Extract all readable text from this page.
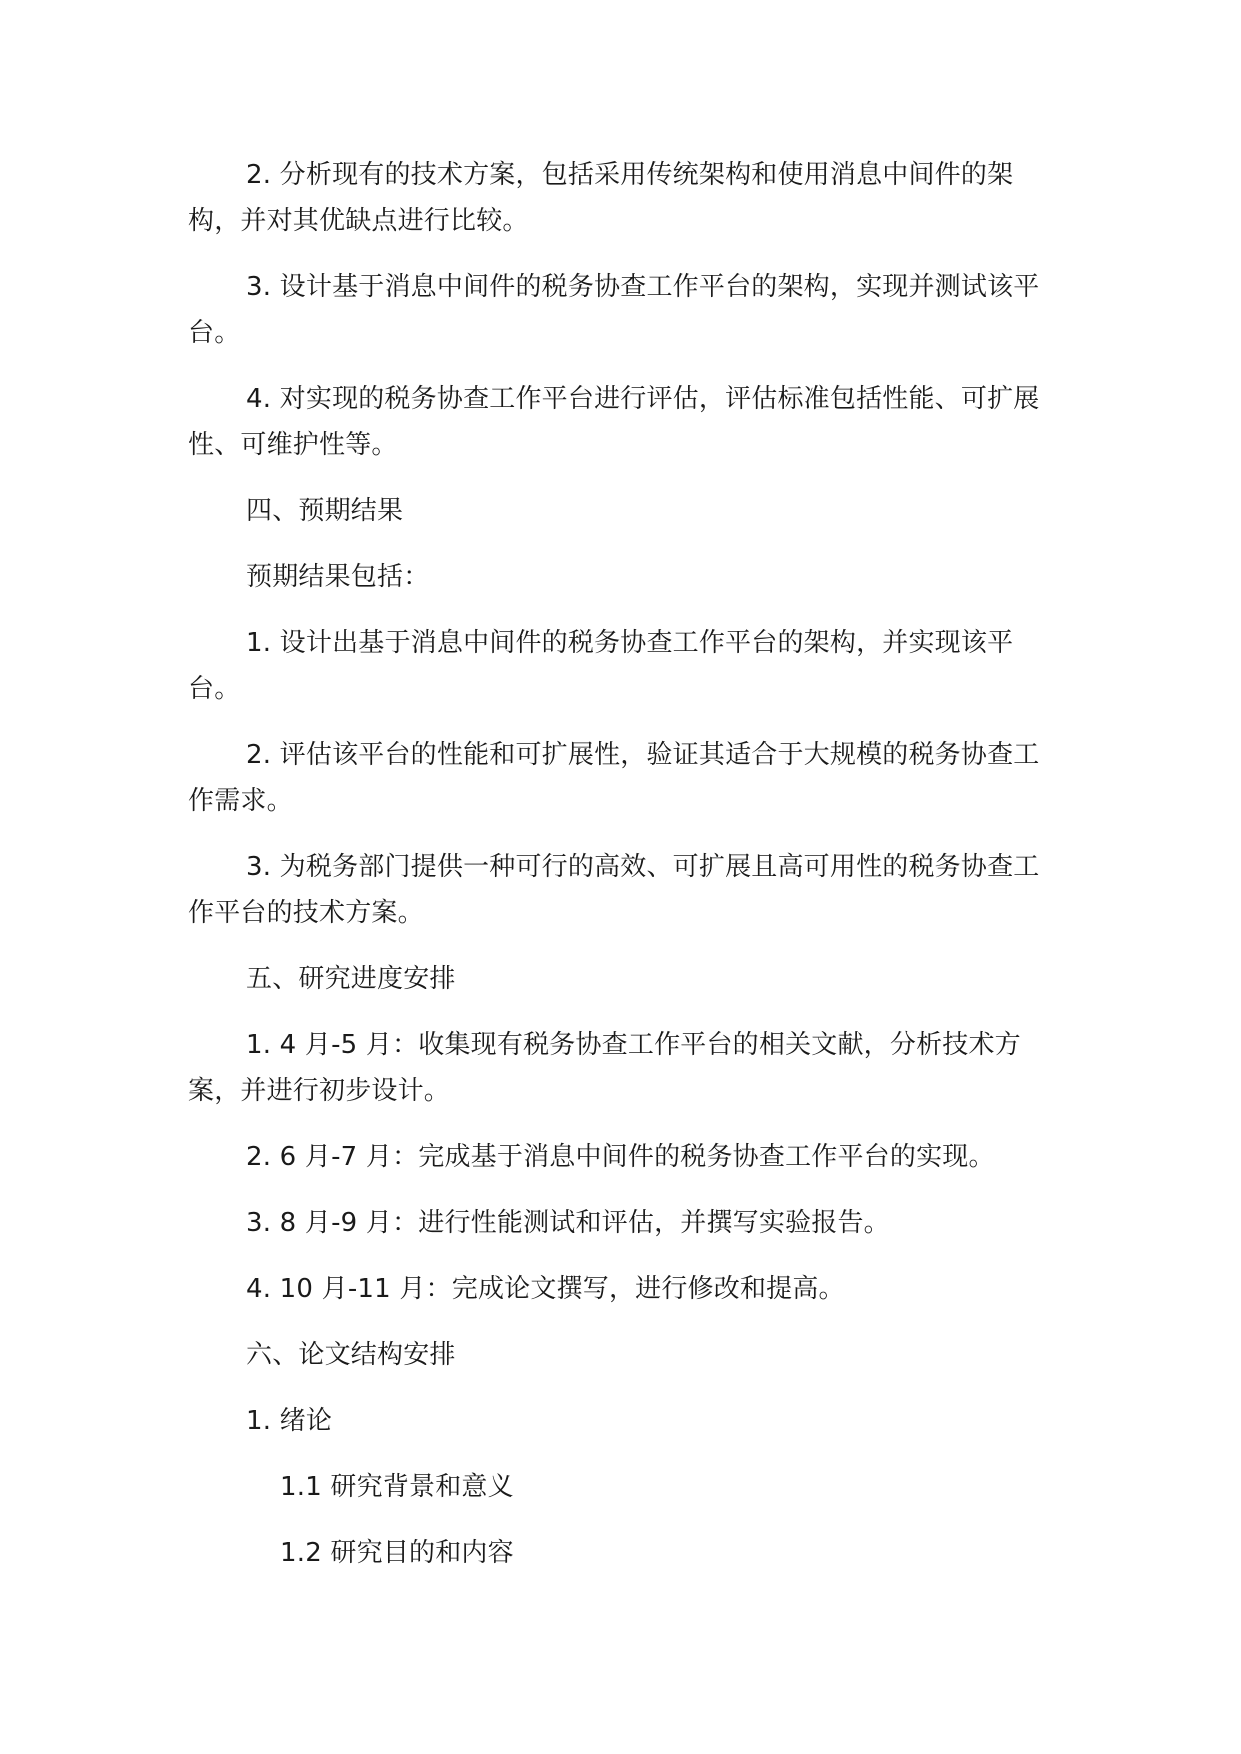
2. 分析现有的技术方案，包括采用传统架构和使用消息中间件的架构，并对其优缺点进行比较。

3. 设计基于消息中间件的税务协查工作平台的架构，实现并测试该平台。

4. 对实现的税务协查工作平台进行评估，评估标准包括性能、可扩展性、可维护性等。

四、预期结果

预期结果包括：

1. 设计出基于消息中间件的税务协查工作平台的架构，并实现该平台。

2. 评估该平台的性能和可扩展性，验证其适合于大规模的税务协查工作需求。

3. 为税务部门提供一种可行的高效、可扩展且高可用性的税务协查工作平台的技术方案。

五、研究进度安排

1. 4 月-5 月：收集现有税务协查工作平台的相关文献，分析技术方案，并进行初步设计。

2. 6 月-7 月：完成基于消息中间件的税务协查工作平台的实现。

3. 8 月-9 月：进行性能测试和评估，并撰写实验报告。

4. 10 月-11 月：完成论文撰写，进行修改和提高。

六、论文结构安排

1. 绪论

1.1 研究背景和意义

1.2 研究目的和内容
